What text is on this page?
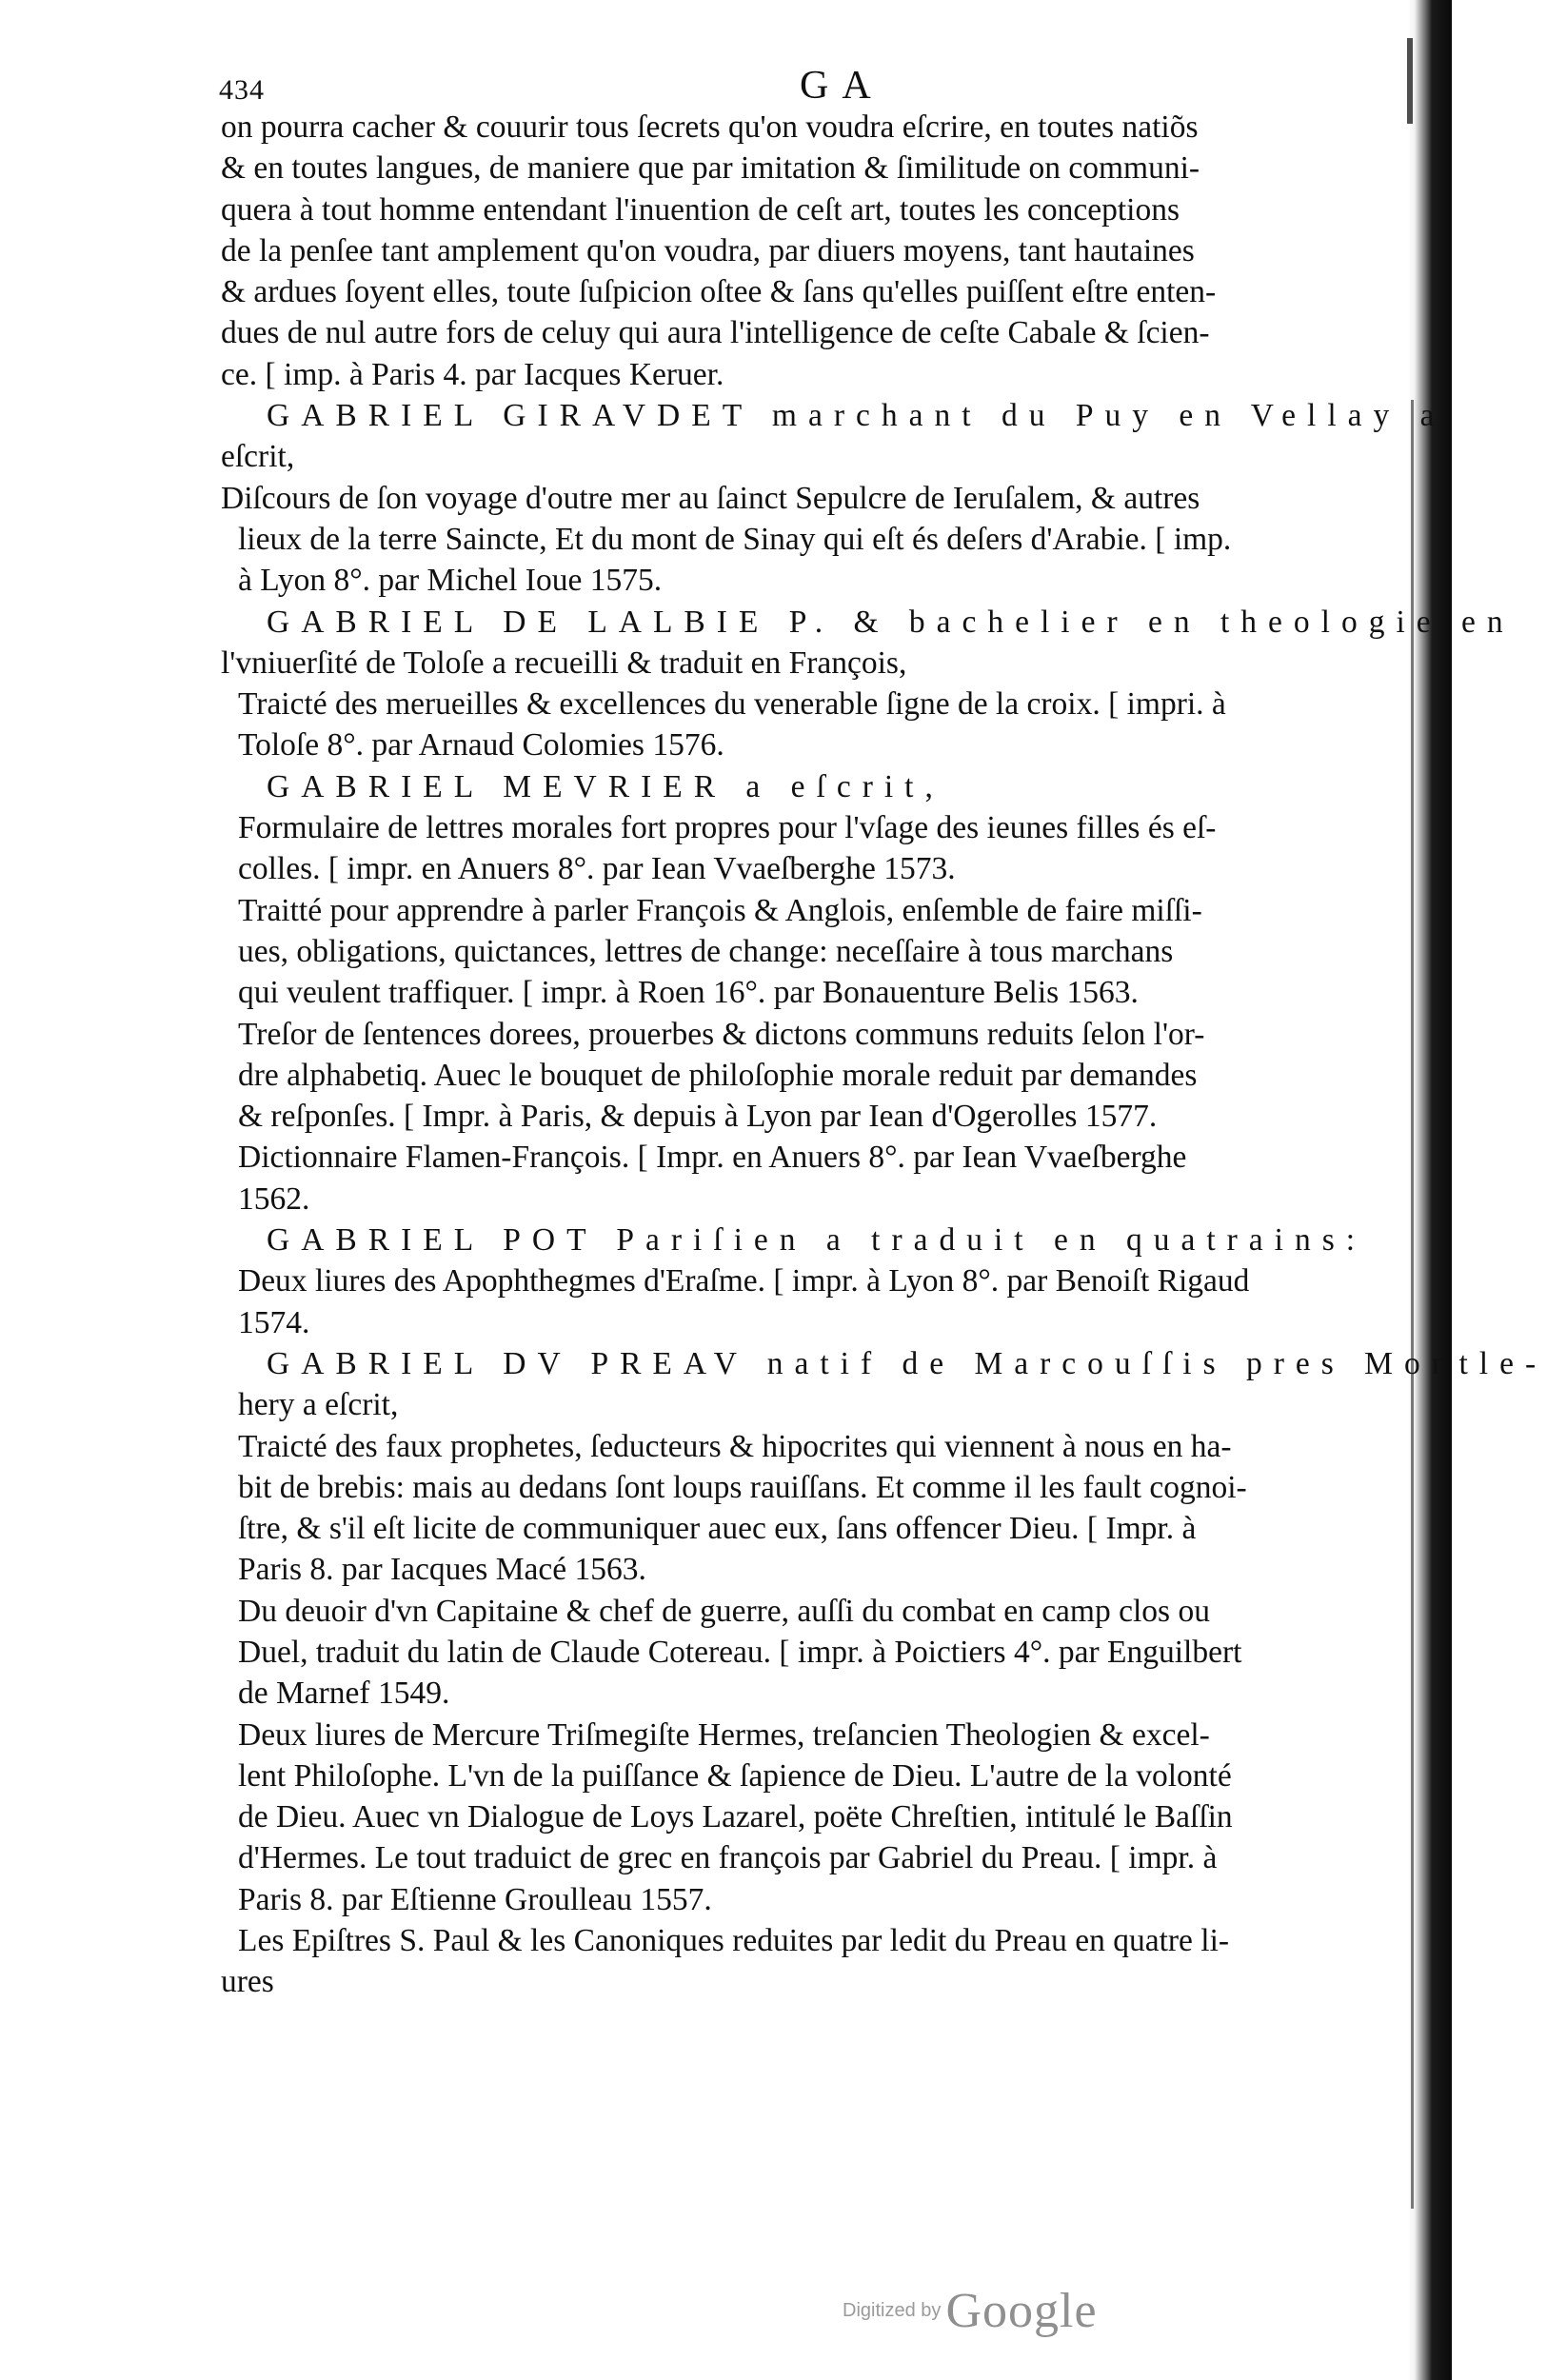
434	GA
on pourra cacher & couurir tous ſecrets qu'on voudra eſcrire, en toutes natiõs
& en toutes langues, de maniere que par imitation & ſimilitude on communi-
quera à tout homme entendant l'inuention de ceſt art, toutes les conceptions
de la penſee tant amplement qu'on voudra, par diuers moyens, tant hautaines
& ardues ſoyent elles, toute ſuſpicion oſtee & ſans qu'elles puiſſent eſtre enten-
dues de nul autre fors de celuy qui aura l'intelligence de ceſte Cabale & ſcien-
ce. [ imp. à Paris 4. par Iacques Keruer.
GABRIEL GIRAVDET marchant du Puy en Vellay a
eſcrit,
Diſcours de ſon voyage d'outre mer au ſainct Sepulcre de Ieruſalem, & autres
lieux de la terre Saincte, Et du mont de Sinay qui eſt és deſers d'Arabie. [ imp.
à Lyon 8°. par Michel Ioue 1575.
GABRIEL DE LALBIE P. & bachelier en theologie en
l'vniuerſité de Toloſe a recueilli & traduit en François,
Traicté des merueilles & excellences du venerable ſigne de la croix. [ impri. à
Toloſe 8°. par Arnaud Colomies 1576.
GABRIEL MEVRIER a eſcrit,
Formulaire de lettres morales fort propres pour l'vſage des ieunes filles és eſ-
colles. [ impr. en Anuers 8°. par Iean Vvaeſberghe 1573.
Traitté pour apprendre à parler François & Anglois, enſemble de faire miſſi-
ues, obligations, quictances, lettres de change: neceſſaire à tous marchans
qui veulent traffiquer. [ impr. à Roen 16°. par Bonauenture Belis 1563.
Treſor de ſentences dorees, prouerbes & dictons communs reduits ſelon l'or-
dre alphabetiq. Auec le bouquet de philoſophie morale reduit par demandes
& reſponſes. [ Impr. à Paris, & depuis à Lyon par Iean d'Ogerolles 1577.
Dictionnaire Flamen-François. [ Impr. en Anuers 8°. par Iean Vvaeſberghe
1562.
GABRIEL POT Pariſien a traduit en quatrains:
Deux liures des Apophthegmes d'Eraſme. [ impr. à Lyon 8°. par Benoiſt Rigaud
1574.
GABRIEL DV PREAV natif de Marcouſſis pres Montle-
hery a eſcrit,
Traicté des faux prophetes, ſeducteurs & hipocrites qui viennent à nous en ha-
bit de brebis: mais au dedans ſont loups rauiſſans. Et comme il les fault cognoi-
ſtre, & s'il eſt licite de communiquer auec eux, ſans offencer Dieu. [ Impr. à
Paris 8. par Iacques Macé 1563.
Du deuoir d'vn Capitaine & chef de guerre, auſſi du combat en camp clos ou
Duel, traduit du latin de Claude Cotereau. [ impr. à Poictiers 4°. par Enguilbert
de Marnef 1549.
Deux liures de Mercure Triſmegiſte Hermes, treſancien Theologien & excel-
lent Philoſophe. L'vn de la puiſſance & ſapience de Dieu. L'autre de la volonté
de Dieu. Auec vn Dialogue de Loys Lazarel, poëte Chreſtien, intitulé le Baſſin
d'Hermes. Le tout traduict de grec en françois par Gabriel du Preau. [ impr. à
Paris 8. par Eſtienne Groulleau 1557.
Les Epiſtres S. Paul & les Canoniques reduites par ledit du Preau en quatre li-
ures
Digitized by Google
